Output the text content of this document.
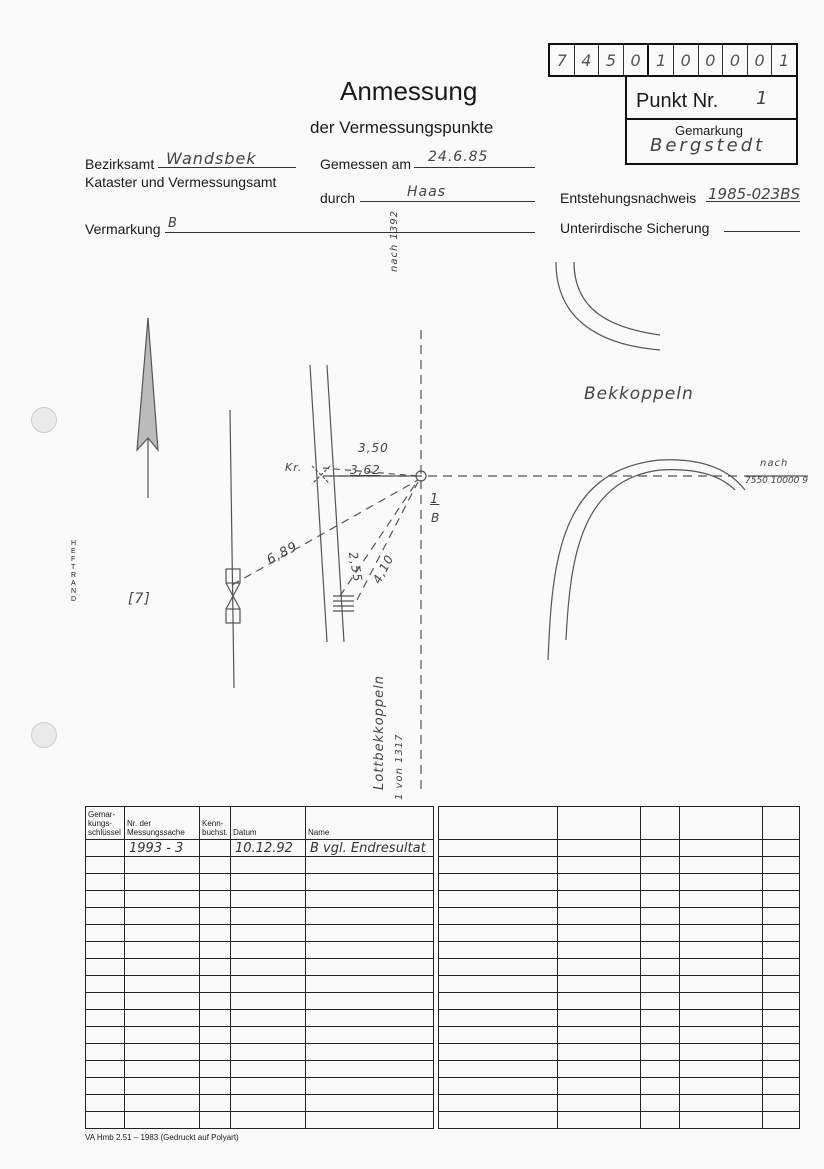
Anmessung
der Vermessungspunkte
7 4 5 0 1 0 0 0 0 1
Punkt Nr. 1
Gemarkung
Bergstedt
Bezirksamt Wandsbek
Kataster und Vermessungsamt
Gemessen am 24.6.85
durch	Haas	Entstehungsnachweis 1985-023BS
Vermarkung B	Unterirdische Sicherung
nach 1392
Bekkoppeln
nach
7550 10000 9
Kr.
3,50
3,62
6,89	2,55 4,10
1
B
[7]
Lottbekkoppeln 1 von 1317
HEFTRAND
Gemar-kungs-schlüssel	Nr. der Messungssache	Kenn-buchst.	Datum	Name
	1993 - 3		10.12.92	B vgl. Endresultat

VA Hmb 2.51 – 1983 (Gedruckt auf Polyart)
